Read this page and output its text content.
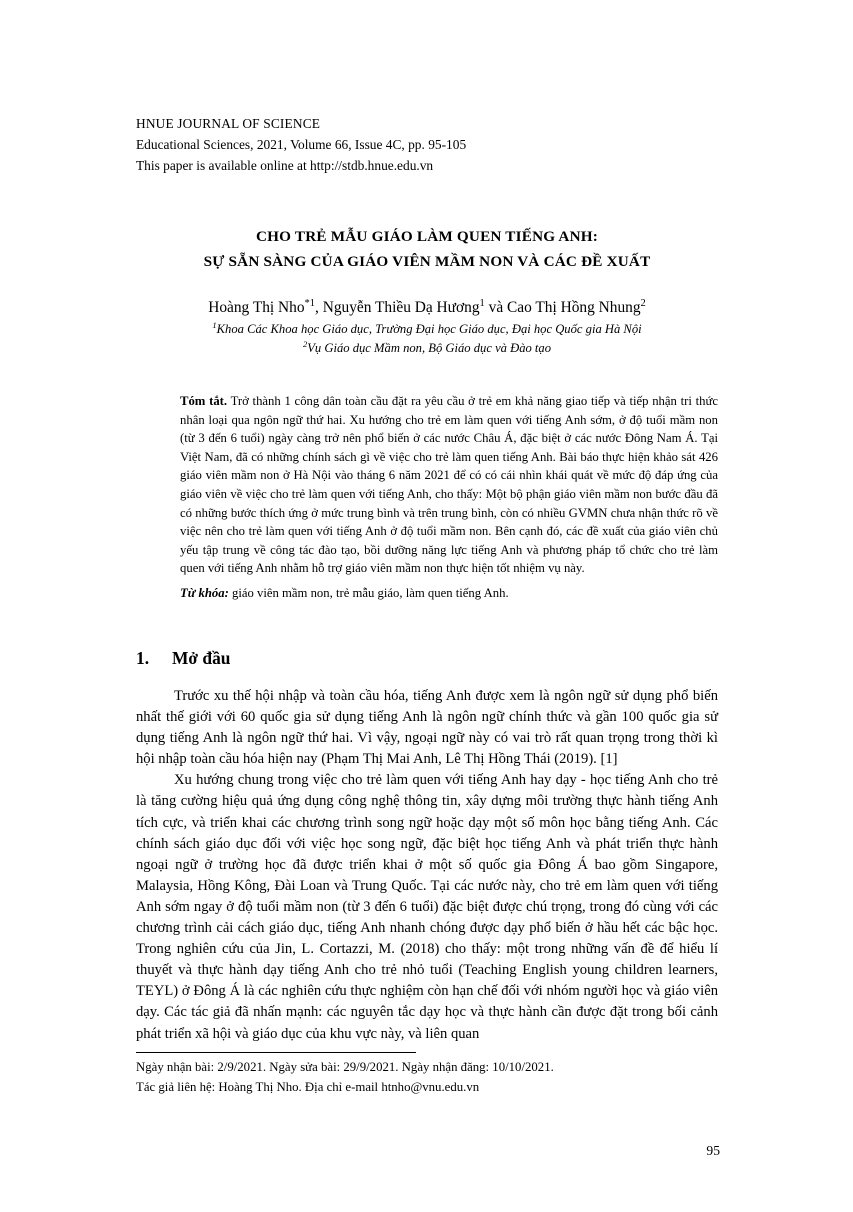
HNUE JOURNAL OF SCIENCE
Educational Sciences, 2021, Volume 66, Issue 4C, pp. 95-105
This paper is available online at http://stdb.hnue.edu.vn
CHO TRẺ MẪU GIÁO LÀM QUEN TIẾNG ANH:
SỰ SẴN SÀNG CỦA GIÁO VIÊN MẦM NON VÀ CÁC ĐỀ XUẤT
Hoàng Thị Nho$^{*1}$, Nguyễn Thiều Dạ Hương$^1$ và Cao Thị Hồng Nhung$^2$
$^1$Khoa Các Khoa học Giáo dục, Trường Đại học Giáo dục, Đại học Quốc gia Hà Nội
$^2$Vụ Giáo dục Mầm non, Bộ Giáo dục và Đào tạo
Tóm tắt. Trở thành 1 công dân toàn cầu đặt ra yêu cầu ở trẻ em khả năng giao tiếp và tiếp nhận tri thức nhân loại qua ngôn ngữ thứ hai. Xu hướng cho trẻ em làm quen với tiếng Anh sớm, ở độ tuổi mầm non (từ 3 đến 6 tuổi) ngày càng trở nên phổ biến ở các nước Châu Á, đặc biệt ở các nước Đông Nam Á. Tại Việt Nam, đã có những chính sách gì về việc cho trẻ làm quen tiếng Anh. Bài báo thực hiện khảo sát 426 giáo viên mầm non ở Hà Nội vào tháng 6 năm 2021 để có có cái nhìn khái quát về mức độ đáp ứng của giáo viên về việc cho trẻ làm quen với tiếng Anh, cho thấy: Một bộ phận giáo viên mầm non bước đầu đã có những bước thích ứng ở mức trung bình và trên trung bình, còn có nhiều GVMN chưa nhận thức rõ về việc nên cho trẻ làm quen với tiếng Anh ở độ tuổi mầm non. Bên cạnh đó, các đề xuất của giáo viên chủ yếu tập trung về công tác đào tạo, bồi dưỡng năng lực tiếng Anh và phương pháp tổ chức cho trẻ làm quen với tiếng Anh nhằm hỗ trợ giáo viên mầm non thực hiện tốt nhiệm vụ này.
Từ khóa: giáo viên mầm non, trẻ mẫu giáo, làm quen tiếng Anh.
1. Mở đầu

Trước xu thế hội nhập và toàn cầu hóa, tiếng Anh được xem là ngôn ngữ sử dụng phổ biến nhất thế giới với 60 quốc gia sử dụng tiếng Anh là ngôn ngữ chính thức và gần 100 quốc gia sử dụng tiếng Anh là ngôn ngữ thứ hai. Vì vậy, ngoại ngữ này có vai trò rất quan trọng trong thời kì hội nhập toàn cầu hóa hiện nay (Phạm Thị Mai Anh, Lê Thị Hồng Thái (2019). [1]

Xu hướng chung trong việc cho trẻ làm quen với tiếng Anh hay dạy - học tiếng Anh cho trẻ là tăng cường hiệu quả ứng dụng công nghệ thông tin, xây dựng môi trường thực hành tiếng Anh tích cực, và triển khai các chương trình song ngữ hoặc dạy một số môn học bằng tiếng Anh. Các chính sách giáo dục đối với việc học song ngữ, đặc biệt học tiếng Anh và phát triển thực hành ngoại ngữ ở trường học đã được triển khai ở một số quốc gia Đông Á bao gồm Singapore, Malaysia, Hồng Kông, Đài Loan và Trung Quốc. Tại các nước này, cho trẻ em làm quen với tiếng Anh sớm ngay ở độ tuổi mầm non (từ 3 đến 6 tuổi) đặc biệt được chú trọng, trong đó cùng với các chương trình cải cách giáo dục, tiếng Anh nhanh chóng được dạy phổ biến ở hầu hết các bậc học. Trong nghiên cứu của Jin, L. Cortazzi, M. (2018) cho thấy: một trong những vấn đề để hiểu lí thuyết và thực hành dạy tiếng Anh cho trẻ nhỏ tuổi (Teaching English young children learners, TEYL) ở Đông Á là các nghiên cứu thực nghiệm còn hạn chế đối với nhóm người học và giáo viên dạy. Các tác giả đã nhấn mạnh: các nguyên tắc dạy học và thực hành cần được đặt trong bối cảnh phát triển xã hội và giáo dục của khu vực này, và liên quan

Ngày nhận bài: 2/9/2021. Ngày sửa bài: 29/9/2021. Ngày nhận đăng: 10/10/2021.
Tác giả liên hệ: Hoàng Thị Nho. Địa chỉ e-mail htnho@vnu.edu.vn
95
